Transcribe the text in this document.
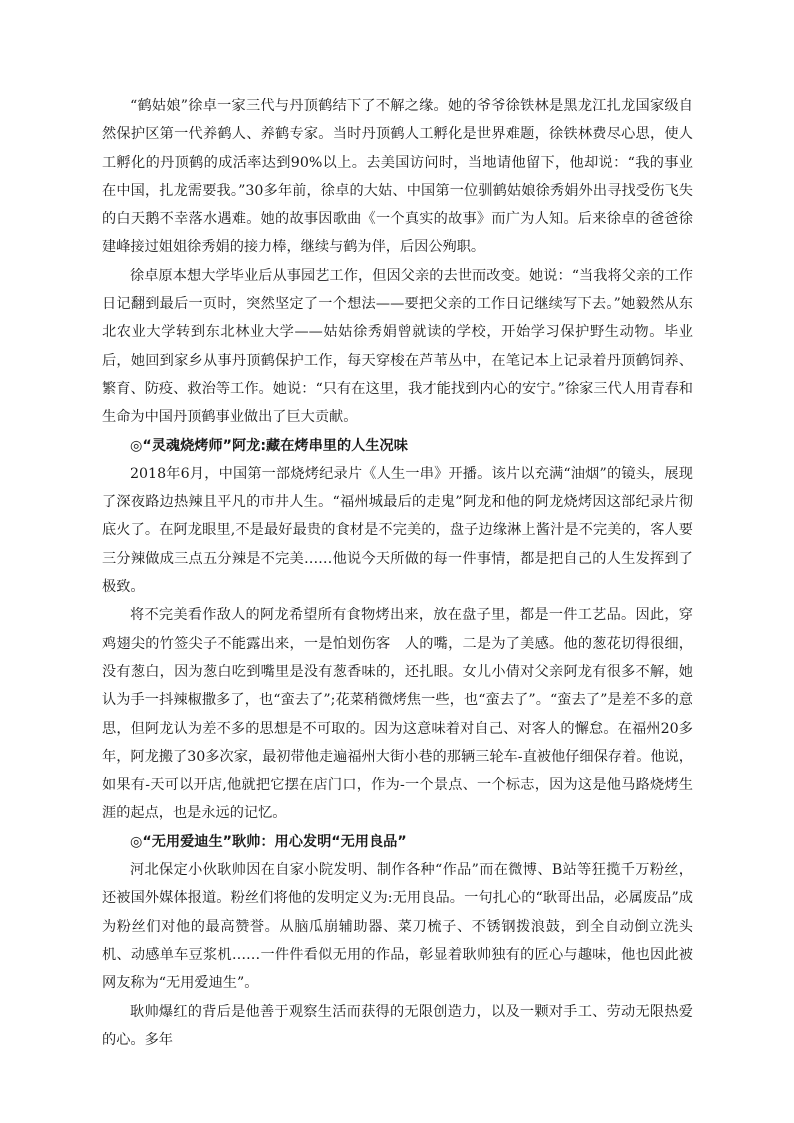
“鹤姑娘”徐卓一家三代与丹顶鹤结下了不解之缘。她的爷爷徐铁林是黑龙江扎龙国家级自然保护区第一代养鹤人、养鹤专家。当时丹顶鹤人工孵化是世界难题，徐铁林费尽心思，使人工孵化的丹顶鹤的成活率达到90%以上。去美国访问时，当地请他留下，他却说：“我的事业在中国，扎龙需要我。”30多年前，徐卓的大姑、中国第一位驯鹤姑娘徐秀娟外出寻找受伤飞失的白天鹅不幸落水遇难。她的故事因歌曲《一个真实的故事》而广为人知。后来徐卓的爸爸徐建峰接过姐姐徐秀娟的接力棒，继续与鹤为伴，后因公殉职。

徐卓原本想大学毕业后从事园艺工作，但因父亲的去世而改变。她说：“当我将父亲的工作日记翻到最后一页时，突然坚定了一个想法——要把父亲的工作日记继续写下去。”她毅然从东北农业大学转到东北林业大学——姑姑徐秀娟曾就读的学校，开始学习保护野生动物。毕业后，她回到家乡从事丹顶鹤保护工作，每天穿梭在芦苇丛中，在笔记本上记录着丹顶鹤饲养、繁育、防疫、救治等工作。她说：“只有在这里，我才能找到内心的安宁。”徐家三代人用青春和生命为中国丹顶鹤事业做出了巨大贡献。

◎“灵魂烧烤师”阿龙:藏在烤串里的人生况味

2018年6月，中国第一部烧烤纪录片《人生一串》开播。该片以充满“油烟”的镜头，展现了深夜路边热辣且平凡的市井人生。“福州城最后的走鬼”阿龙和他的阿龙烧烤因这部纪录片彻底火了。在阿龙眼里,不是最好最贵的食材是不完美的，盘子边缘淋上酱汁是不完美的，客人要三分辣做成三点五分辣是不完美……他说今天所做的每一件事情，都是把自己的人生发挥到了极致。

将不完美看作敌人的阿龙希望所有食物烤出来，放在盘子里，都是一件工艺品。因此，穿鸡翅尖的竹签尖子不能露出来，一是怕划伤客　人的嘴，二是为了美感。他的葱花切得很细，没有葱白，因为葱白吃到嘴里是没有葱香味的，还扎眼。女儿小倩对父亲阿龙有很多不解，她认为手一抖辣椒撒多了，也“蛮去了”;花菜稍微烤焦一些，也“蛮去了”。“蛮去了”是差不多的意思，但阿龙认为差不多的思想是不可取的。因为这意味着对自己、对客人的懈怠。在福州20多年，阿龙搬了30多次家，最初带他走遍福州大街小巷的那辆三轮车-直被他仔细保存着。他说，如果有-天可以开店,他就把它摆在店门口，作为-一个景点、一个标志，因为这是他马路烧烤生涯的起点，也是永远的记忆。

◎“无用爱迪生”耿帅：用心发明“无用良品”

河北保定小伙耿帅因在自家小院发明、制作各种“作品”而在微博、B站等狂揽千万粉丝，还被国外媒体报道。粉丝们将他的发明定义为:无用良品。一句扎心的“耿哥出品，必属废品”成为粉丝们对他的最高赞誉。从脑瓜崩辅助器、菜刀梳子、不锈钢拨浪鼓，到全自动倒立洗头机、动感单车豆浆机……一件件看似无用的作品，彰显着耿帅独有的匠心与趣味，他也因此被网友称为“无用爱迪生”。

耿帅爆红的背后是他善于观察生活而获得的无限创造力，以及一颗对手工、劳动无限热爱的心。多年
